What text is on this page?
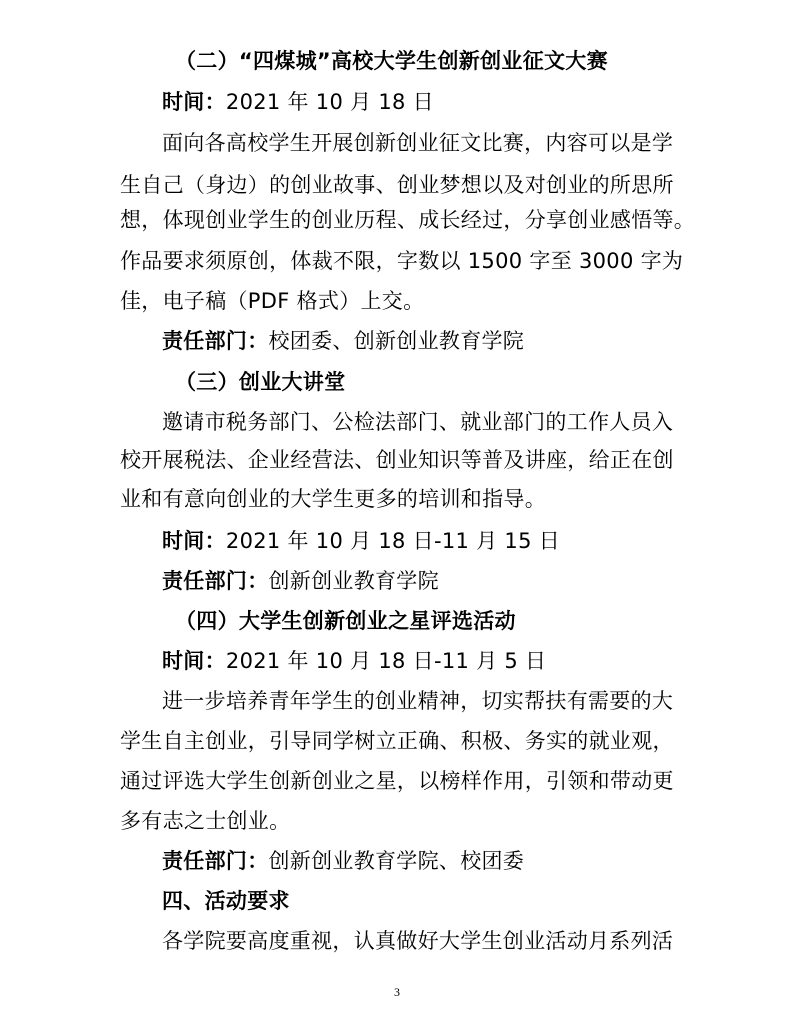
（二）“四煤城”高校大学生创新创业征文大赛
时间：2021 年 10 月 18 日
面向各高校学生开展创新创业征文比赛，内容可以是学
生自己（身边）的创业故事、创业梦想以及对创业的所思所
想，体现创业学生的创业历程、成长经过，分享创业感悟等。
作品要求须原创，体裁不限，字数以 1500 字至 3000 字为
佳，电子稿（PDF 格式）上交。
责任部门：校团委、创新创业教育学院
（三）创业大讲堂
邀请市税务部门、公检法部门、就业部门的工作人员入
校开展税法、企业经营法、创业知识等普及讲座，给正在创
业和有意向创业的大学生更多的培训和指导。
时间：2021 年 10 月 18 日-11 月 15 日
责任部门：创新创业教育学院
（四）大学生创新创业之星评选活动
时间：2021 年 10 月 18 日-11 月 5 日
进一步培养青年学生的创业精神，切实帮扶有需要的大
学生自主创业，引导同学树立正确、积极、务实的就业观，
通过评选大学生创新创业之星，以榜样作用，引领和带动更
多有志之士创业。
责任部门：创新创业教育学院、校团委
四、活动要求
各学院要高度重视，认真做好大学生创业活动月系列活
3
